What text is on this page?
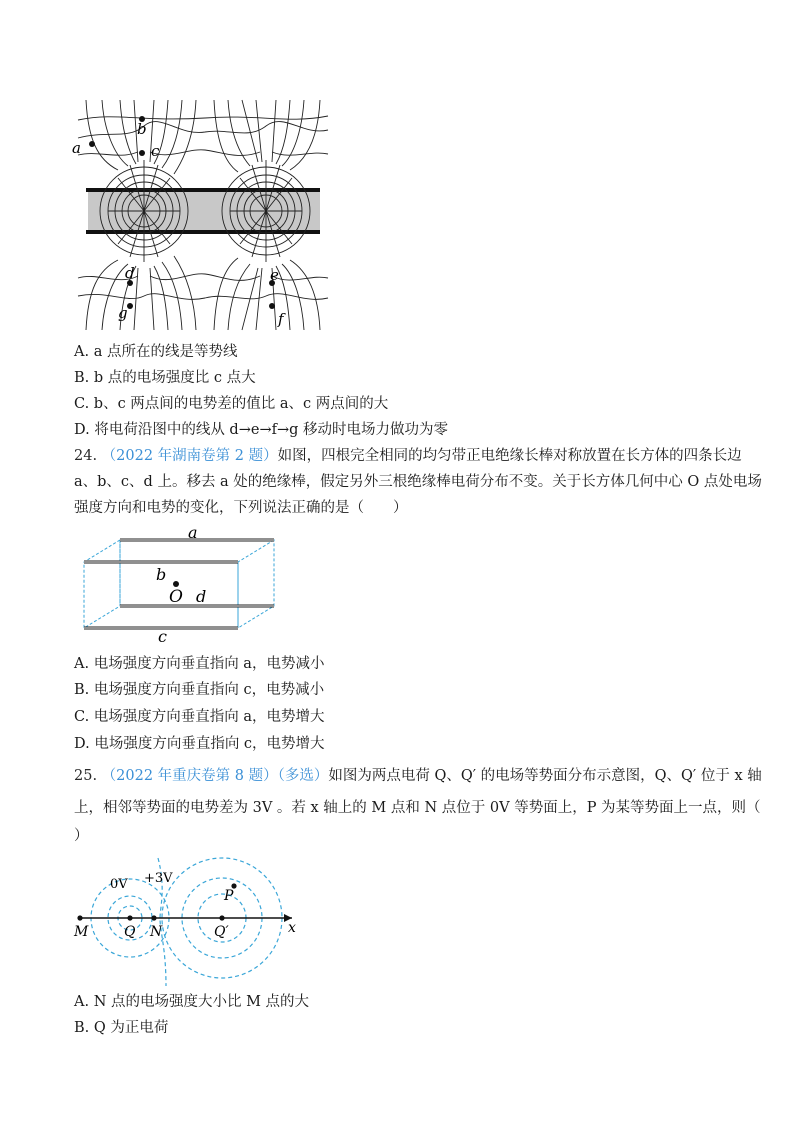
a
b
c
d	e
f
g
A. a 点所在的线是等势线
B. b 点的电场强度比 c 点大
C. b、c 两点间的电势差的值比 a、c 两点间的大
D. 将电荷沿图中的线从 d→e→f→g 移动时电场力做功为零
24. （2022 年湖南卷第 2 题）如图，四根完全相同的均匀带正电绝缘长棒对称放置在长方体的四条长边
a、b、c、d 上。移去 a 处的绝缘棒，假定另外三根绝缘棒电荷分布不变。关于长方体几何中心 O 点处电场
强度方向和电势的变化，下列说法正确的是（　　）
a
b
O d
c
A. 电场强度方向垂直指向 a，电势减小
B. 电场强度方向垂直指向 c，电势减小
C. 电场强度方向垂直指向 a，电势增大
D. 电场强度方向垂直指向 c，电势增大
25. （2022 年重庆卷第 8 题）（多选）如图为两点电荷 Q、Q′ 的电场等势面分布示意图，Q、Q′ 位于 x 轴
上，相邻等势面的电势差为 3V 。若 x 轴上的 M 点和 N 点位于 0V 等势面上，P 为某等势面上一点，则（
）
0V +3V
M	Q N	Q′
P
x
A. N 点的电场强度大小比 M 点的大
B. Q 为正电荷
